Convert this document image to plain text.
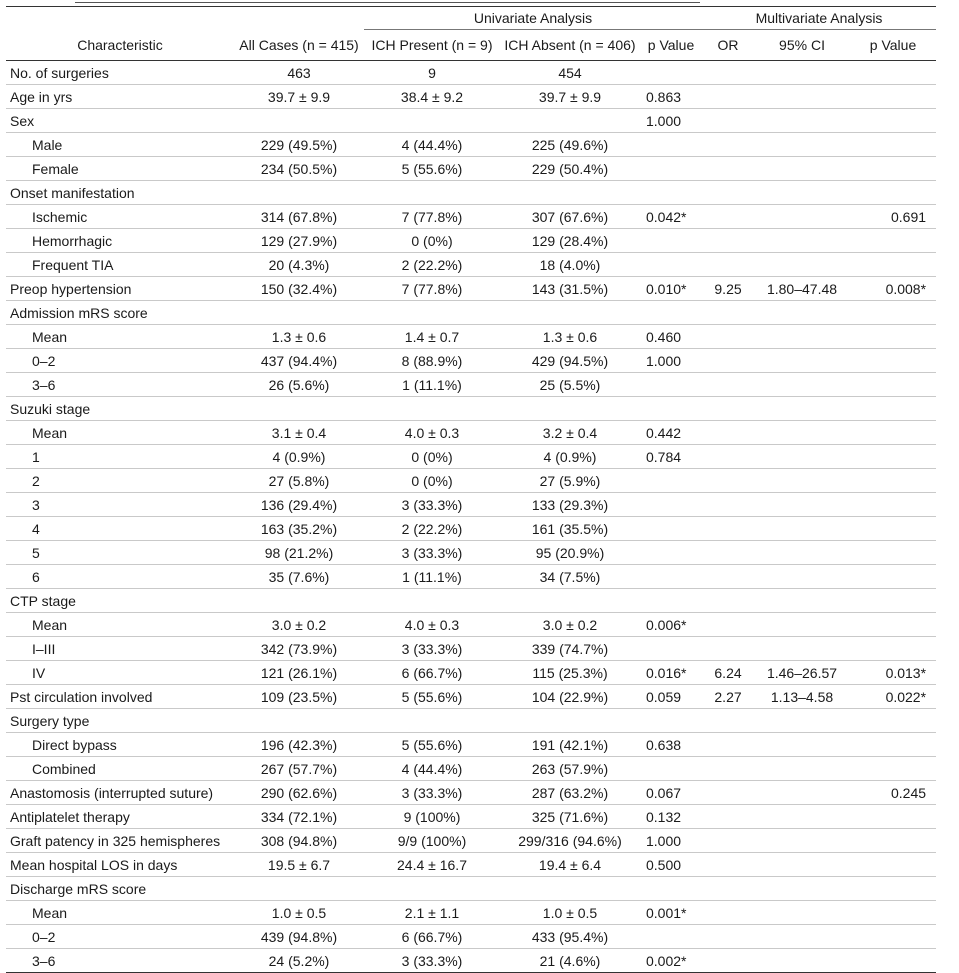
		Univariate Analysis			Multivariate Analysis		
Characteristic	All Cases (n = 415)	ICH Present (n = 9)	ICH Absent (n = 406)	p Value	OR	95% CI	p Value
No. of surgeries	463	9	454				
Age in yrs	39.7 ± 9.9	38.4 ± 9.2	39.7 ± 9.9	0.863			
Sex				1.000			
Male	229 (49.5%)	4 (44.4%)	225 (49.6%)				
Female	234 (50.5%)	5 (55.6%)	229 (50.4%)				
Onset manifestation							
Ischemic	314 (67.8%)	7 (77.8%)	307 (67.6%)	0.042*			0.691
Hemorrhagic	129 (27.9%)	0 (0%)	129 (28.4%)				
Frequent TIA	20 (4.3%)	2 (22.2%)	18 (4.0%)				
Preop hypertension	150 (32.4%)	7 (77.8%)	143 (31.5%)	0.010*	9.25	1.80–47.48	0.008*
Admission mRS score							
Mean	1.3 ± 0.6	1.4 ± 0.7	1.3 ± 0.6	0.460			
0–2	437 (94.4%)	8 (88.9%)	429 (94.5%)	1.000			
3–6	26 (5.6%)	1 (11.1%)	25 (5.5%)				
Suzuki stage							
Mean	3.1 ± 0.4	4.0 ± 0.3	3.2 ± 0.4	0.442			
1	4 (0.9%)	0 (0%)	4 (0.9%)	0.784			
2	27 (5.8%)	0 (0%)	27 (5.9%)				
3	136 (29.4%)	3 (33.3%)	133 (29.3%)				
4	163 (35.2%)	2 (22.2%)	161 (35.5%)				
5	98 (21.2%)	3 (33.3%)	95 (20.9%)				
6	35 (7.6%)	1 (11.1%)	34 (7.5%)				
CTP stage							
Mean	3.0 ± 0.2	4.0 ± 0.3	3.0 ± 0.2	0.006*			
I–III	342 (73.9%)	3 (33.3%)	339 (74.7%)				
IV	121 (26.1%)	6 (66.7%)	115 (25.3%)	0.016*	6.24	1.46–26.57	0.013*
Pst circulation involved	109 (23.5%)	5 (55.6%)	104 (22.9%)	0.059	2.27	1.13–4.58	0.022*
Surgery type							
Direct bypass	196 (42.3%)	5 (55.6%)	191 (42.1%)	0.638			
Combined	267 (57.7%)	4 (44.4%)	263 (57.9%)				
Anastomosis (interrupted suture)	290 (62.6%)	3 (33.3%)	287 (63.2%)	0.067			0.245
Antiplatelet therapy	334 (72.1%)	9 (100%)	325 (71.6%)	0.132			
Graft patency in 325 hemispheres	308 (94.8%)	9/9 (100%)	299/316 (94.6%)	1.000			
Mean hospital LOS in days	19.5 ± 6.7	24.4 ± 16.7	19.4 ± 6.4	0.500			
Discharge mRS score							
Mean	1.0 ± 0.5	2.1 ± 1.1	1.0 ± 0.5	0.001*			
0–2	439 (94.8%)	6 (66.7%)	433 (95.4%)				
3–6	24 (5.2%)	3 (33.3%)	21 (4.6%)	0.002*			
